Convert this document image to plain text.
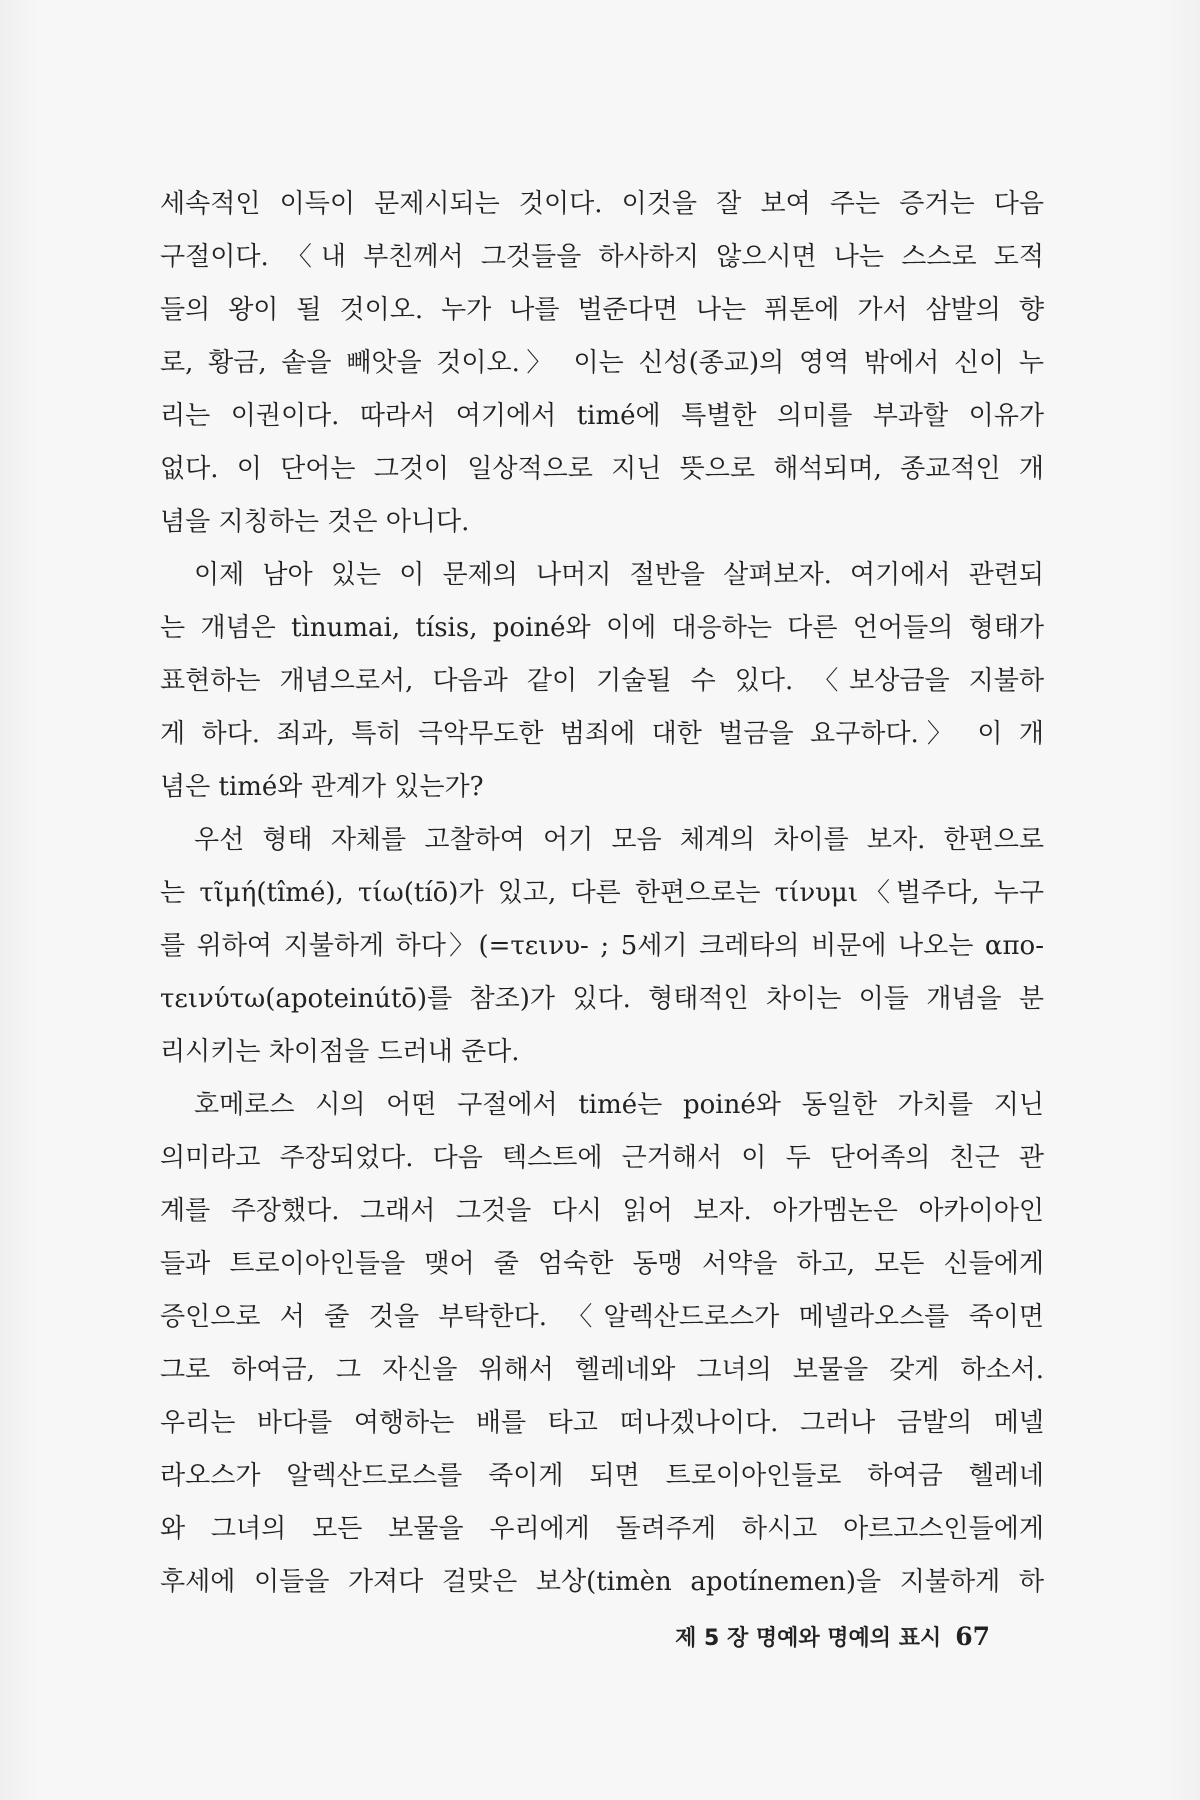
세속적인 이득이 문제시되는 것이다. 이것을 잘 보여 주는 증거는 다음
구절이다. 〈내 부친께서 그것들을 하사하지 않으시면 나는 스스로 도적
들의 왕이 될 것이오. 누가 나를 벌준다면 나는 퓌톤에 가서 삼발의 향
로, 황금, 솥을 빼앗을 것이오.〉 이는 신성(종교)의 영역 밖에서 신이 누
리는 이권이다. 따라서 여기에서 timé에 특별한 의미를 부과할 이유가
없다. 이 단어는 그것이 일상적으로 지닌 뜻으로 해석되며, 종교적인 개
념을 지칭하는 것은 아니다.
이제 남아 있는 이 문제의 나머지 절반을 살펴보자. 여기에서 관련되
는 개념은 tìnumai, tísis, poiné와 이에 대응하는 다른 언어들의 형태가
표현하는 개념으로서, 다음과 같이 기술될 수 있다. 〈보상금을 지불하
게 하다. 죄과, 특히 극악무도한 범죄에 대한 벌금을 요구하다.〉 이 개
념은 timé와 관계가 있는가?
우선 형태 자체를 고찰하여 어기 모음 체계의 차이를 보자. 한편으로
는 τῖμή(tîmé), τίω(tíō)가 있고, 다른 한편으로는 τίνυμι〈벌주다, 누구
를 위하여 지불하게 하다〉(=τεινυ- ; 5세기 크레타의 비문에 나오는 απο-
τεινύτω(apoteinútō)를 참조)가 있다. 형태적인 차이는 이들 개념을 분
리시키는 차이점을 드러내 준다.
호메로스 시의 어떤 구절에서 timé는 poiné와 동일한 가치를 지닌
의미라고 주장되었다. 다음 텍스트에 근거해서 이 두 단어족의 친근 관
계를 주장했다. 그래서 그것을 다시 읽어 보자. 아가멤논은 아카이아인
들과 트로이아인들을 맺어 줄 엄숙한 동맹 서약을 하고, 모든 신들에게
증인으로 서 줄 것을 부탁한다. 〈알렉산드로스가 메넬라오스를 죽이면
그로 하여금, 그 자신을 위해서 헬레네와 그녀의 보물을 갖게 하소서.
우리는 바다를 여행하는 배를 타고 떠나겠나이다. 그러나 금발의 메넬
라오스가 알렉산드로스를 죽이게 되면 트로이아인들로 하여금 헬레네
와 그녀의 모든 보물을 우리에게 돌려주게 하시고 아르고스인들에게
후세에 이들을 가져다 걸맞은 보상(timèn apotínemen)을 지불하게 하
제 5 장 명예와 명예의 표시 67
